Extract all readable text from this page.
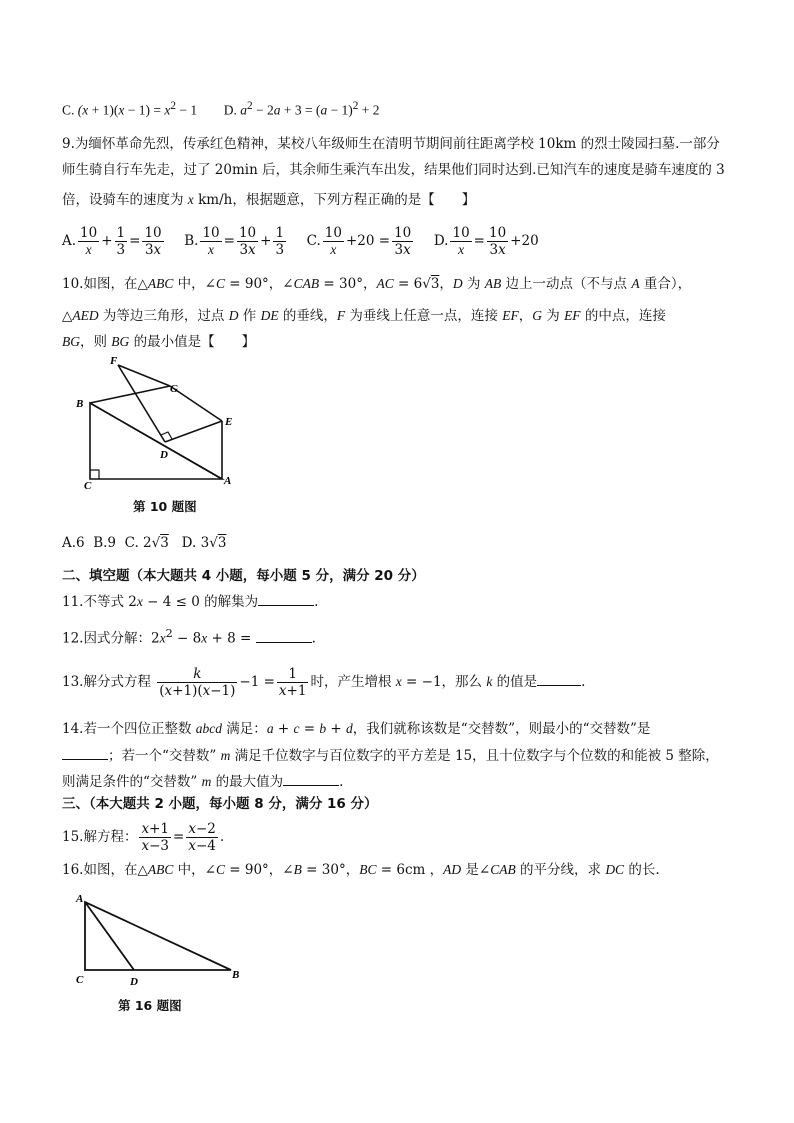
C. $(x + 1)(x - 1) = x^2 - 1$ D. $a^2 - 2a + 3 = (a - 1)^2 + 2$
9.为缅怀革命先烈，传承红色精神，某校八年级师生在清明节期间前往距离学校 10km 的烈士陵园扫墓.一部分
师生骑自行车先走，过了 20min 后，其余师生乘汽车出发，结果他们同时达到.已知汽车的速度是骑车速度的 3
倍，设骑车的速度为 x km/h，根据题意，下列方程正确的是【　　】
A. $\frac{10}{x} + \frac{1}{3} = \frac{10}{3x} B$. $\frac{10}{x} = \frac{10}{3x} + \frac{1}{3} C$. $\frac{10}{x} +20 = \frac{10}{3x} D$. $\frac{10}{x} = \frac{10}{3x} +20$
10.如图，在△ABC 中，∠C = 90°，∠CAB = 30°，AC = 6√3，D 为 AB 边上一动点（不与点 A 重合），
△AED 为等边三角形，过点 D 作 DE 的垂线，F 为垂线上任意一点，连接 EF，G 为 EF 的中点，连接
BG，则 BG 的最小值是【　　】
F
G
B
E
D
C	A
第 10 题图
A.6  B.9  C. 2√3   D. 3√3
二、填空题（本大题共 4 小题，每小题 5 分，满分 20 分）
11.不等式 2x − 4 ≤ 0 的解集为	.
12.因式分解：$2x^2 - 8x + 8$ =	.
13.解分式方程 $\frac{k}{(x+1)(x-1)} -1 = \frac{1}{x+1}$ 时，产生增根 x = −1，那么 k 的值是	.
14.若一个四位正整数 abcd 满足：a + c = b + d，我们就称该数是“交替数”，则最小的“交替数”是
；若一个“交替数” m 满足千位数字与百位数字的平方差是 15，且十位数字与个位数的和能被 5 整除，
则满足条件的“交替数” m 的最大值为	.
三、（本大题共 2 小题，每小题 8 分，满分 16 分）
15.解方程： $\frac{x+1}{x-3} = \frac{x-2}{x-4}$ .
16.如图，在△ABC 中，∠C = 90°，∠B = 30°，BC = 6cm ，AD 是∠CAB 的平分线，求 DC 的长.
A
C	D
B
第 16 题图
